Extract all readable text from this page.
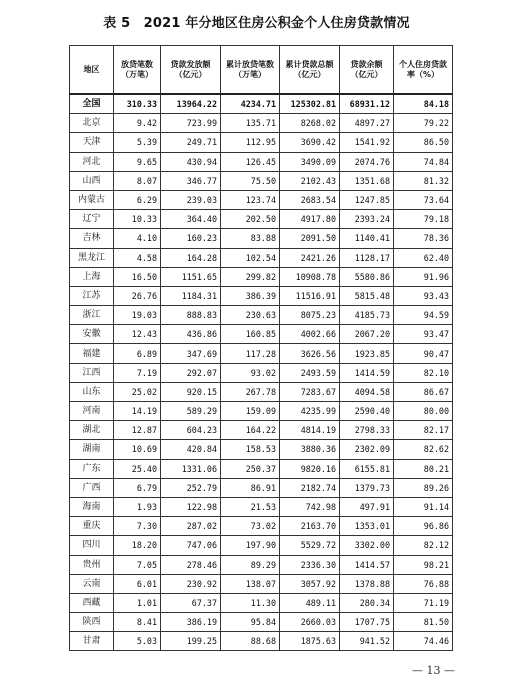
表 5　2021 年分地区住房公积金个人住房贷款情况
地区	放贷笔数（万笔）	贷款发放额（亿元）	累计放贷笔数（万笔）	累计贷款总额（亿元）	贷款余额（亿元）	个人住房贷款率（%）
全国	310.33	13964.22	4234.71	125302.81	68931.12	84.18
北京	9.42	723.99	135.71	8268.02	4897.27	79.22
天津	5.39	249.71	112.95	3690.42	1541.92	86.50
河北	9.65	430.94	126.45	3490.09	2074.76	74.84
山西	8.07	346.77	75.50	2102.43	1351.68	81.32
内蒙古	6.29	239.03	123.74	2683.54	1247.85	73.64
辽宁	10.33	364.40	202.50	4917.80	2393.24	79.18
吉林	4.10	160.23	83.88	2091.50	1140.41	78.36
黑龙江	4.58	164.28	102.54	2421.26	1128.17	62.40
上海	16.50	1151.65	299.82	10908.78	5580.86	91.96
江苏	26.76	1184.31	386.39	11516.91	5815.48	93.43
浙江	19.03	888.83	230.63	8075.23	4185.73	94.59
安徽	12.43	436.86	160.85	4002.66	2067.20	93.47
福建	6.89	347.69	117.28	3626.56	1923.85	90.47
江西	7.19	292.07	93.02	2493.59	1414.59	82.10
山东	25.02	920.15	267.78	7283.67	4094.58	86.67
河南	14.19	589.29	159.09	4235.99	2590.40	80.00
湖北	12.87	604.23	164.22	4814.19	2798.33	82.17
湖南	10.69	420.84	158.53	3880.36	2302.09	82.62
广东	25.40	1331.06	250.37	9820.16	6155.81	80.21
广西	6.79	252.79	86.91	2182.74	1379.73	89.26
海南	1.93	122.98	21.53	742.98	497.91	91.14
重庆	7.30	287.02	73.02	2163.70	1353.01	96.86
四川	18.20	747.06	197.90	5529.72	3302.00	82.12
贵州	7.05	278.46	89.29	2336.30	1414.57	98.21
云南	6.01	230.92	138.07	3057.92	1378.88	76.88
西藏	1.01	67.37	11.30	489.11	280.34	71.19
陕西	8.41	386.19	95.84	2660.03	1707.75	81.50
甘肃	5.03	199.25	88.68	1875.63	941.52	74.46
— 13 —
